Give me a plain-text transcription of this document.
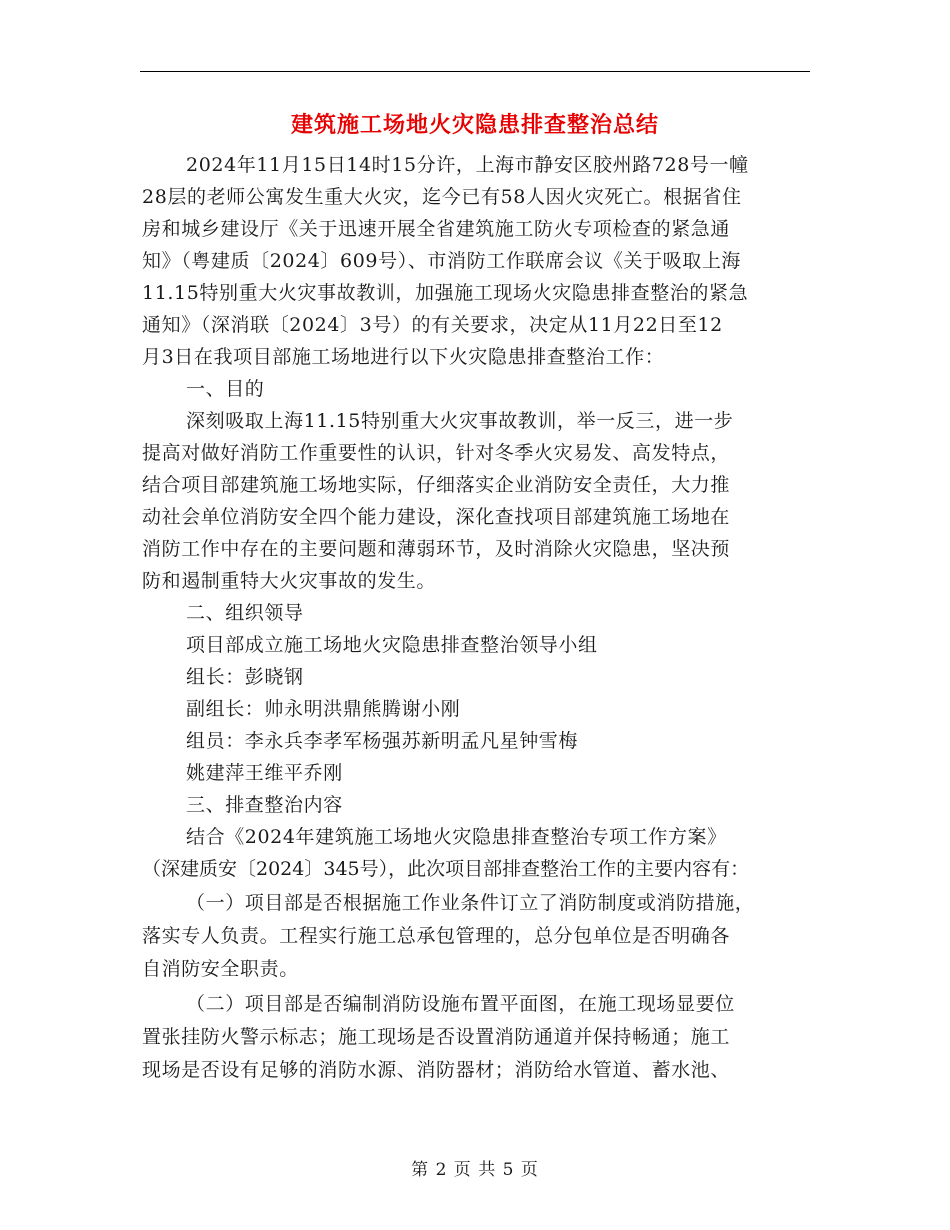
建筑施工场地火灾隐患排查整治总结
2024年11月15日14时15分许，上海市静安区胶州路728号一幢
28层的老师公寓发生重大火灾，迄今已有58人因火灾死亡。根据省住
房和城乡建设厅《关于迅速开展全省建筑施工防火专项检查的紧急通
知》（粤建质〔2024〕609号）、市消防工作联席会议《关于吸取上海
11.15特别重大火灾事故教训，加强施工现场火灾隐患排查整治的紧急
通知》（深消联〔2024〕3号）的有关要求，决定从11月22日至12
月3日在我项目部施工场地进行以下火灾隐患排查整治工作：
一、目的
深刻吸取上海11.15特别重大火灾事故教训，举一反三，进一步
提高对做好消防工作重要性的认识，针对冬季火灾易发、高发特点，
结合项目部建筑施工场地实际，仔细落实企业消防安全责任，大力推
动社会单位消防安全四个能力建设，深化查找项目部建筑施工场地在
消防工作中存在的主要问题和薄弱环节，及时消除火灾隐患，坚决预
防和遏制重特大火灾事故的发生。
二、组织领导
项目部成立施工场地火灾隐患排查整治领导小组
组长：彭晓钢
副组长：帅永明洪鼎熊腾谢小刚
组员：李永兵李孝军杨强苏新明孟凡星钟雪梅
姚建萍王维平乔刚
三、排查整治内容
结合《2024年建筑施工场地火灾隐患排查整治专项工作方案》
（深建质安〔2024〕345号），此次项目部排查整治工作的主要内容有：
（一）项目部是否根据施工作业条件订立了消防制度或消防措施，
落实专人负责。工程实行施工总承包管理的，总分包单位是否明确各
自消防安全职责。
（二）项目部是否编制消防设施布置平面图，在施工现场显要位
置张挂防火警示标志；施工现场是否设置消防通道并保持畅通；施工
现场是否设有足够的消防水源、消防器材；消防给水管道、蓄水池、
第 2 页 共 5 页
